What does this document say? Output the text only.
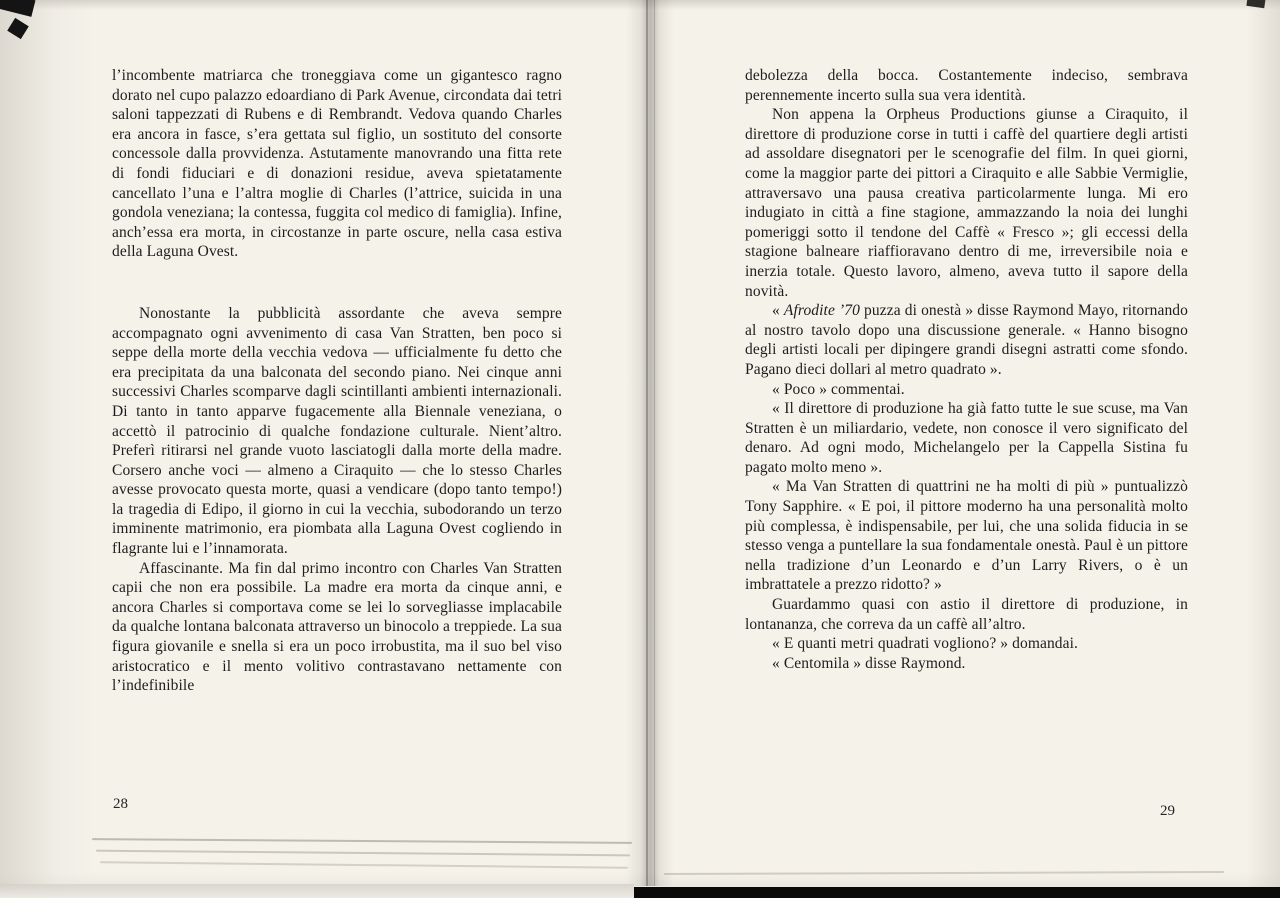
l’incombente matriarca che troneggiava come un gigantesco ragno dorato nel cupo palazzo edoardiano di Park Avenue, circondata dai tetri saloni tappezzati di Rubens e di Rembrandt. Vedova quando Charles era ancora in fasce, s’era gettata sul figlio, un sostituto del consorte concessole dalla provvidenza. Astutamente manovrando una fitta rete di fondi fiduciari e di donazioni residue, aveva spietatamente cancellato l’una e l’altra moglie di Charles (l’attrice, suicida in una gondola veneziana; la contessa, fuggita col medico di famiglia). Infine, anch’essa era morta, in circostanze in parte oscure, nella casa estiva della Laguna Ovest.

Nonostante la pubblicità assordante che aveva sempre accompagnato ogni avvenimento di casa Van Stratten, ben poco si seppe della morte della vecchia vedova — ufficialmente fu detto che era precipitata da una balconata del secondo piano. Nei cinque anni successivi Charles scomparve dagli scintillanti ambienti internazionali. Di tanto in tanto apparve fugacemente alla Biennale veneziana, o accettò il patrocinio di qualche fondazione culturale. Nient’altro. Preferì ritirarsi nel grande vuoto lasciatogli dalla morte della madre. Corsero anche voci — almeno a Ciraquito — che lo stesso Charles avesse provocato questa morte, quasi a vendicare (dopo tanto tempo!) la tragedia di Edipo, il giorno in cui la vecchia, subodorando un terzo imminente matrimonio, era piombata alla Laguna Ovest cogliendo in flagrante lui e l’innamorata.

Affascinante. Ma fin dal primo incontro con Charles Van Stratten capii che non era possibile. La madre era morta da cinque anni, e ancora Charles si comportava come se lei lo sorvegliasse implacabile da qualche lontana balconata attraverso un binocolo a treppiede. La sua figura giovanile e snella si era un poco irrobustita, ma il suo bel viso aristocratico e il mento volitivo contrastavano nettamente con l’indefinibile

debolezza della bocca. Costantemente indeciso, sembrava perennemente incerto sulla sua vera identità.

Non appena la Orpheus Productions giunse a Ciraquito, il direttore di produzione corse in tutti i caffè del quartiere degli artisti ad assoldare disegnatori per le scenografie del film. In quei giorni, come la maggior parte dei pittori a Ciraquito e alle Sabbie Vermiglie, attraversavo una pausa creativa particolarmente lunga. Mi ero indugiato in città a fine stagione, ammazzando la noia dei lunghi pomeriggi sotto il tendone del Caffè « Fresco »; gli eccessi della stagione balneare riaffioravano dentro di me, irreversibile noia e inerzia totale. Questo lavoro, almeno, aveva tutto il sapore della novità.

« Afrodite ’70 puzza di onestà » disse Raymond Mayo, ritornando al nostro tavolo dopo una discussione generale. « Hanno bisogno degli artisti locali per dipingere grandi disegni astratti come sfondo. Pagano dieci dollari al metro quadrato ».

« Poco » commentai.

« Il direttore di produzione ha già fatto tutte le sue scuse, ma Van Stratten è un miliardario, vedete, non conosce il vero significato del denaro. Ad ogni modo, Michelangelo per la Cappella Sistina fu pagato molto meno ».

« Ma Van Stratten di quattrini ne ha molti di più » puntualizzò Tony Sapphire. « E poi, il pittore moderno ha una personalità molto più complessa, è indispensabile, per lui, che una solida fiducia in se stesso venga a puntellare la sua fondamentale onestà. Paul è un pittore nella tradizione d’un Leonardo e d’un Larry Rivers, o è un imbrattatele a prezzo ridotto? »

Guardammo quasi con astio il direttore di produzione, in lontananza, che correva da un caffè all’altro.

« E quanti metri quadrati vogliono? » domandai.

« Centomila » disse Raymond.

28	29
